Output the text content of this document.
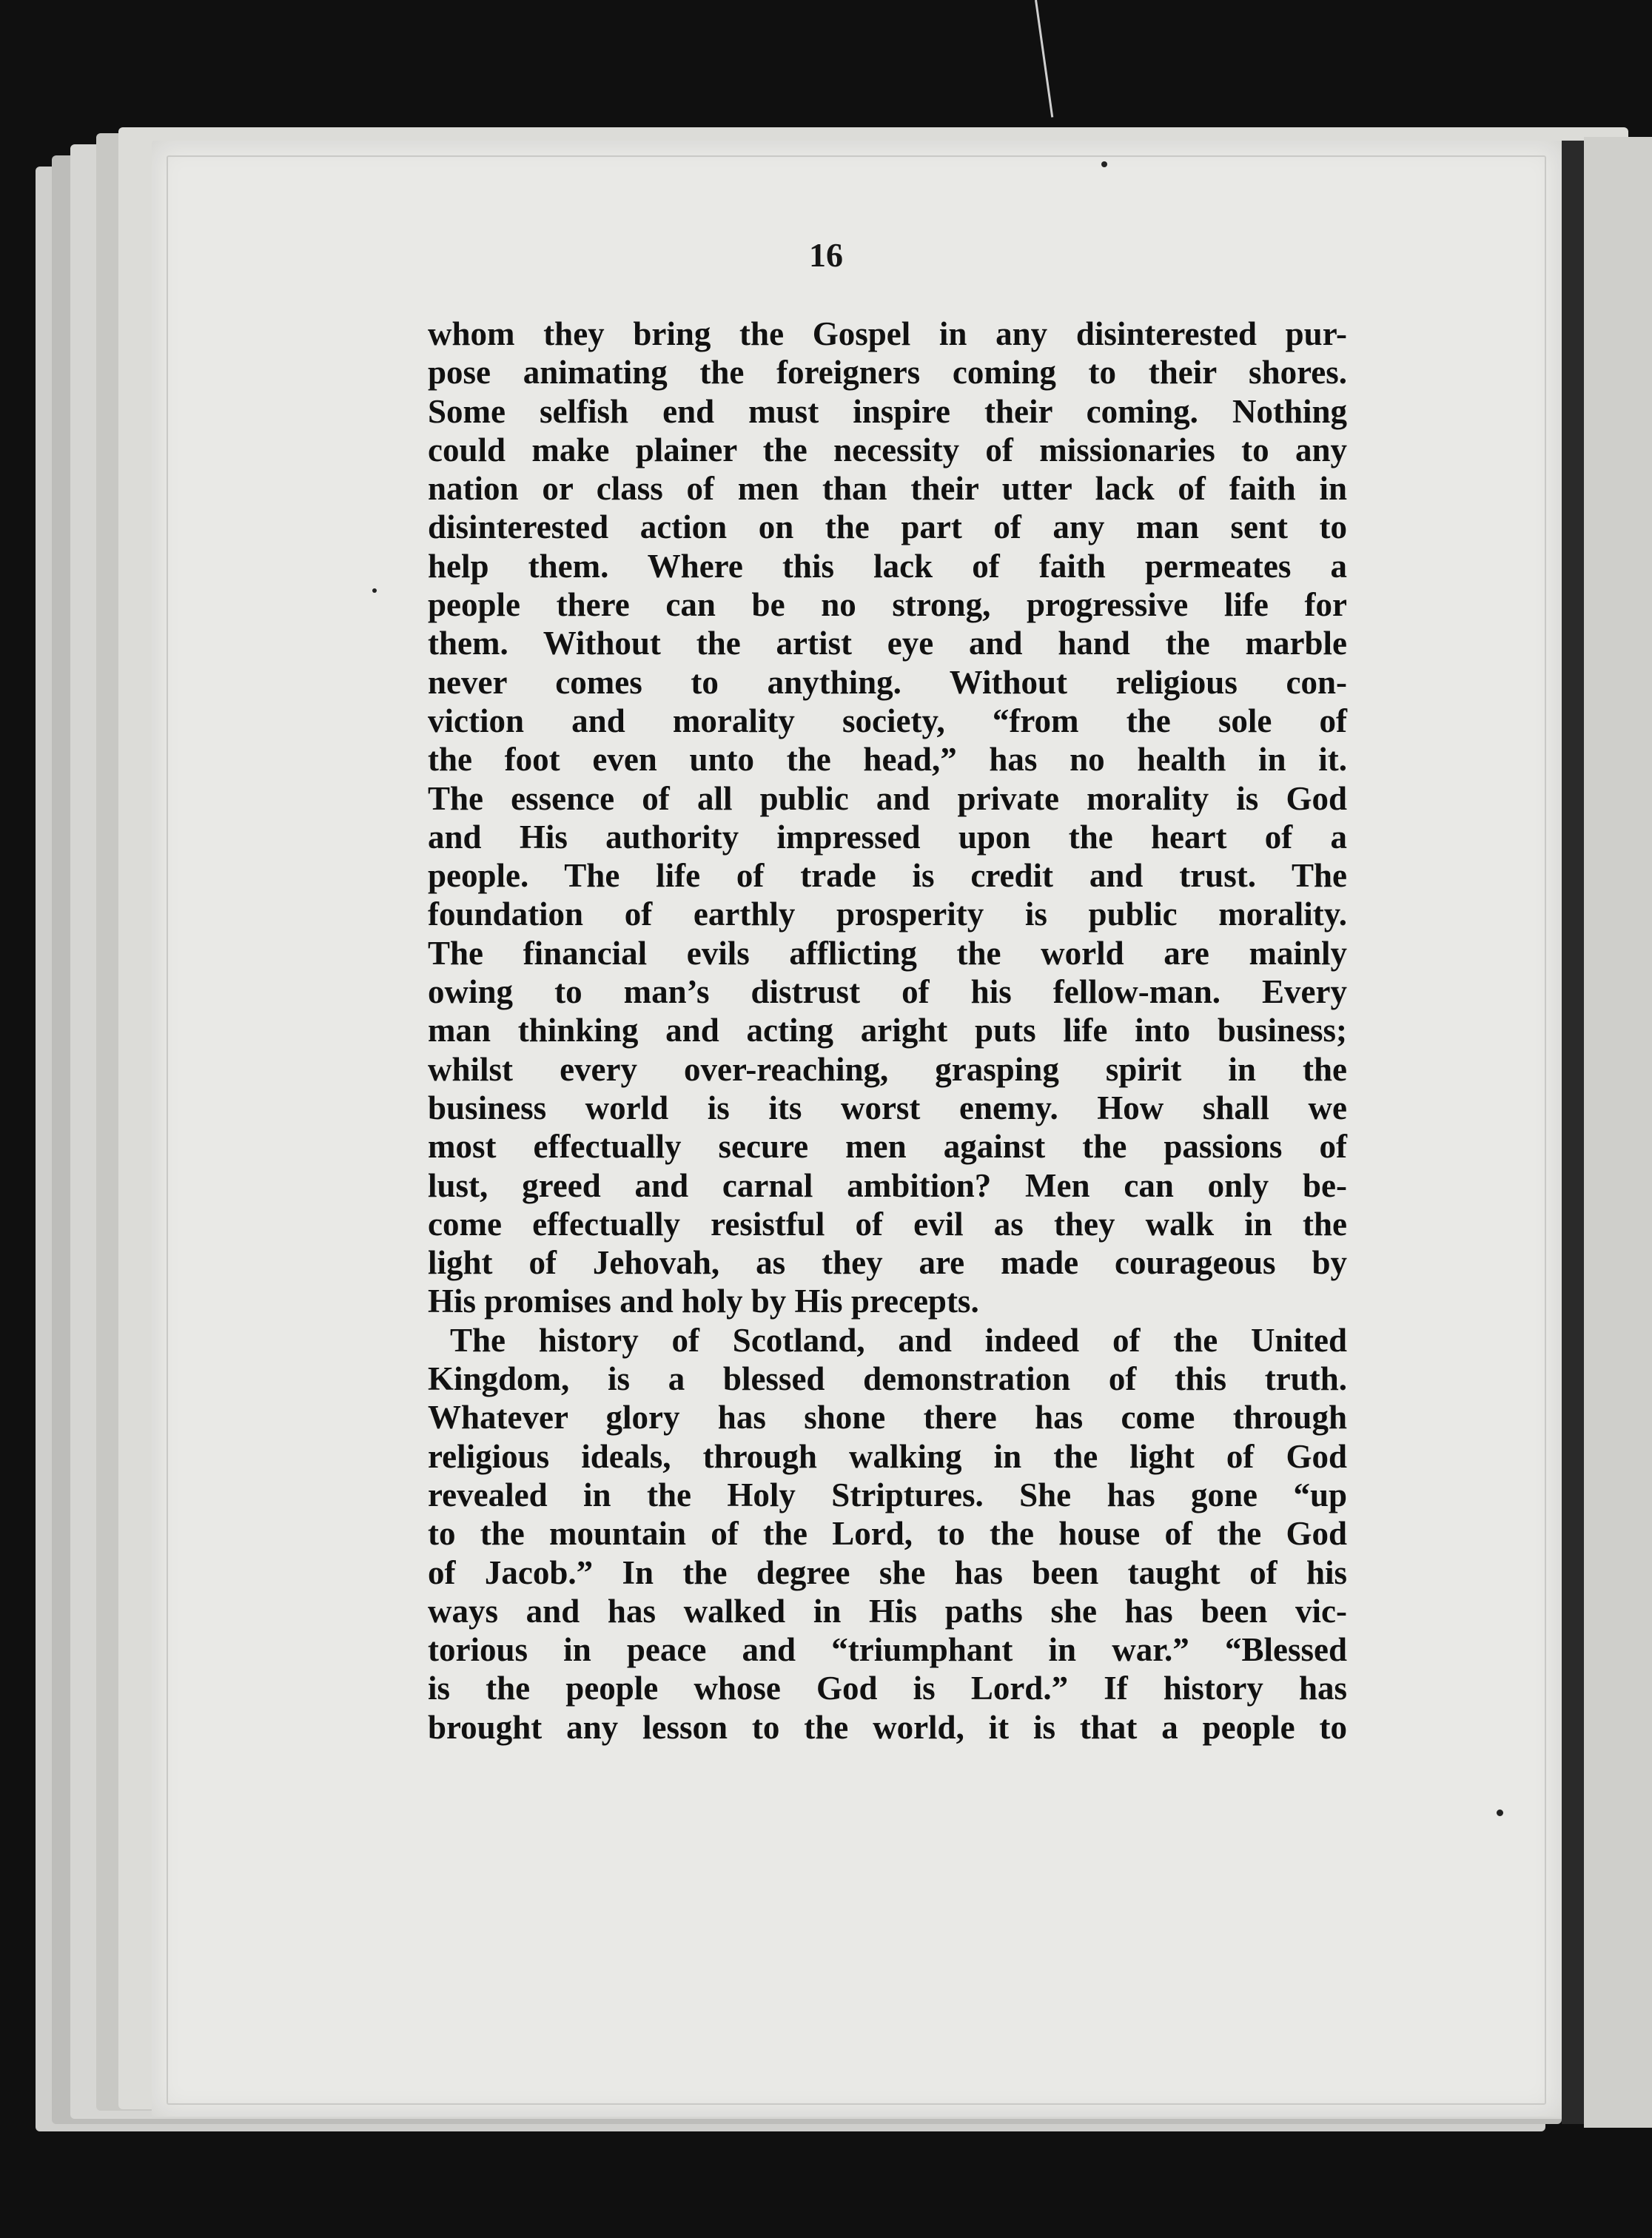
16
whom they bring the Gospel in any disinterested pur-
pose animating the foreigners coming to their shores.
Some selfish end must inspire their coming. Nothing
could make plainer the necessity of missionaries to any
nation or class of men than their utter lack of faith in
disinterested action on the part of any man sent to
help them. Where this lack of faith permeates a
people there can be no strong, progressive life for
them. Without the artist eye and hand the marble
never comes to anything. Without religious con-
viction and morality society, “from the sole of
the foot even unto the head,” has no health in it.
The essence of all public and private morality is God
and His authority impressed upon the heart of a
people. The life of trade is credit and trust. The
foundation of earthly prosperity is public morality.
The financial evils afflicting the world are mainly
owing to man’s distrust of his fellow-man. Every
man thinking and acting aright puts life into business;
whilst every over-reaching, grasping spirit in the
business world is its worst enemy. How shall we
most effectually secure men against the passions of
lust, greed and carnal ambition? Men can only be-
come effectually resistful of evil as they walk in the
light of Jehovah, as they are made courageous by
His promises and holy by His precepts.
The history of Scotland, and indeed of the United
Kingdom, is a blessed demonstration of this truth.
Whatever glory has shone there has come through
religious ideals, through walking in the light of God
revealed in the Holy Striptures. She has gone “up
to the mountain of the Lord, to the house of the God
of Jacob.” In the degree she has been taught of his
ways and has walked in His paths she has been vic-
torious in peace and “triumphant in war.” “Blessed
is the people whose God is Lord.” If history has
brought any lesson to the world, it is that a people to
